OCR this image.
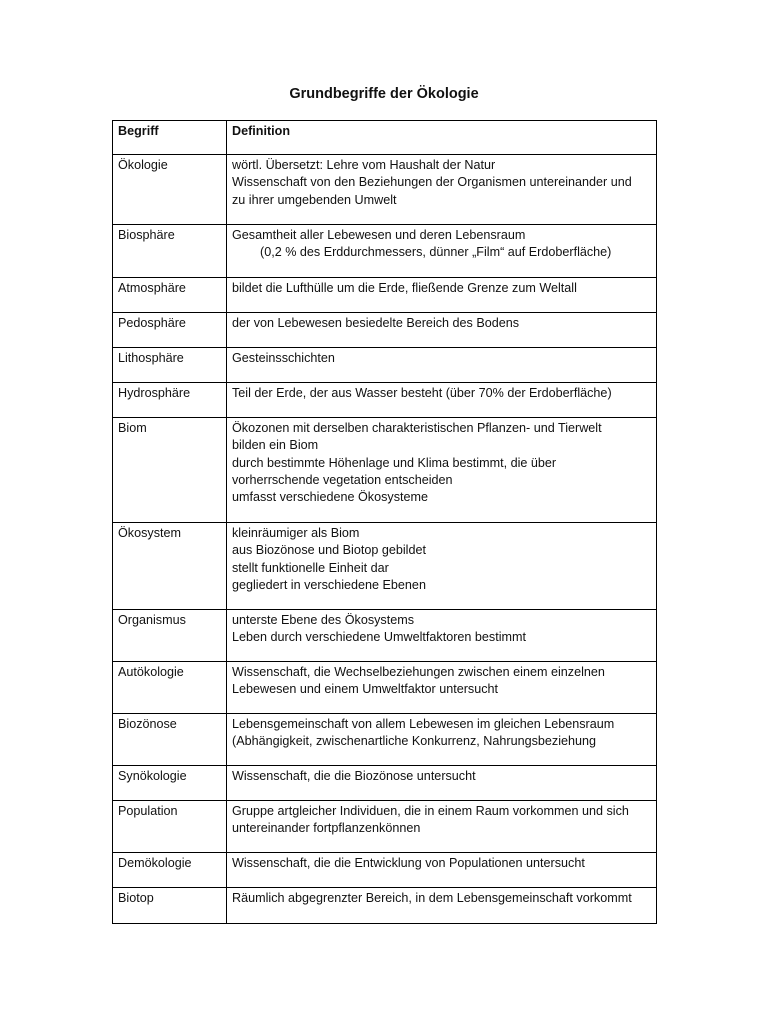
Grundbegriffe der Ökologie
Begriff	Definition
Ökologie	wörtl. Übersetzt: Lehre vom Haushalt der Natur
Wissenschaft von den Beziehungen der Organismen untereinander und
zu ihrer umgebenden Umwelt

Biosphäre	Gesamtheit aller Lebewesen und deren Lebensraum
(0,2 % des Erddurchmessers, dünner „Film“ auf Erdoberfläche)

Atmosphäre	bildet die Lufthülle um die Erde, fließende Grenze zum Weltall

Pedosphäre	der von Lebewesen besiedelte Bereich des Bodens

Lithosphäre	Gesteinsschichten

Hydrosphäre	Teil der Erde, der aus Wasser besteht (über 70% der Erdoberfläche)

Biom	Ökozonen mit derselben charakteristischen Pflanzen- und Tierwelt
bilden ein Biom
durch bestimmte Höhenlage und Klima bestimmt, die über
vorherrschende vegetation entscheiden
umfasst verschiedene Ökosysteme

Ökosystem	kleinräumiger als Biom
aus Biozönose und Biotop gebildet
stellt funktionelle Einheit dar
gegliedert in verschiedene Ebenen

Organismus	unterste Ebene des Ökosystems
Leben durch verschiedene Umweltfaktoren bestimmt

Autökologie	Wissenschaft, die Wechselbeziehungen zwischen einem einzelnen
Lebewesen und einem Umweltfaktor untersucht

Biozönose	Lebensgemeinschaft von allem Lebewesen im gleichen Lebensraum
(Abhängigkeit, zwischenartliche Konkurrenz, Nahrungsbeziehung

Synökologie	Wissenschaft, die die Biozönose untersucht

Population	Gruppe artgleicher Individuen, die in einem Raum vorkommen und sich
untereinander fortpflanzenkönnen

Demökologie	Wissenschaft, die die Entwicklung von Populationen untersucht

Biotop	Räumlich abgegrenzter Bereich, in dem Lebensgemeinschaft vorkommt
